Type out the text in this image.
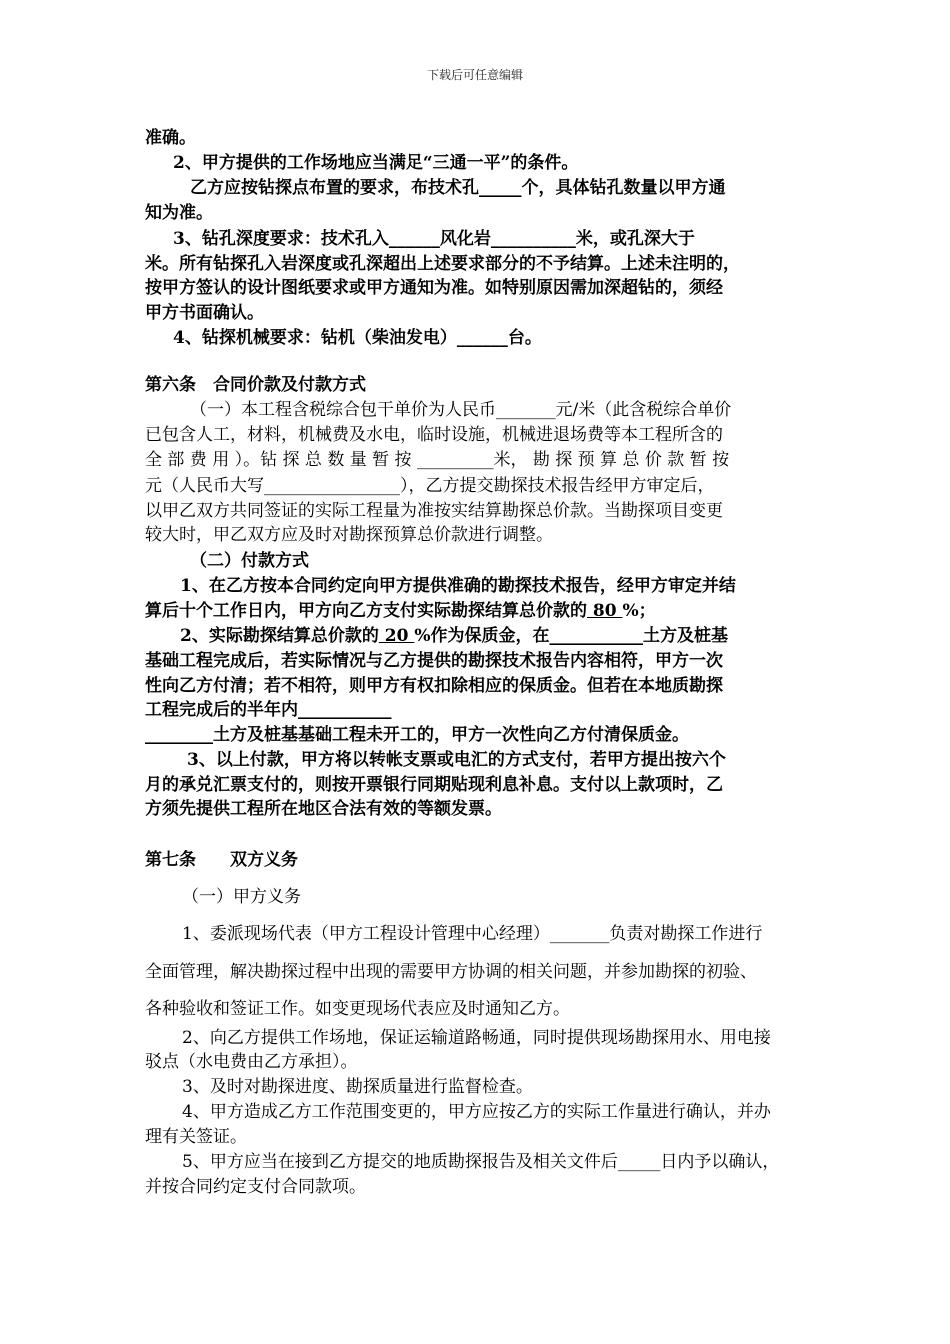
下载后可任意编辑
准确。
2、甲方提供的工作场地应当满足“三通一平”的条件。
乙方应按钻探点布置的要求，布技术孔_____个，具体钻孔数量以甲方通
知为准。
3、钻孔深度要求：技术孔入______风化岩__________米，或孔深大于
米。所有钻探孔入岩深度或孔深超出上述要求部分的不予结算。上述未注明的，
按甲方签认的设计图纸要求或甲方通知为准。如特别原因需加深超钻的，须经
甲方书面确认。
4、钻探机械要求：钻机（柴油发电）______台。
第六条　合同价款及付款方式
（一）本工程含税综合包干单价为人民币_______元/米（此含税综合单价
已包含人工，材料，机械费及水电，临时设施，机械进退场费等本工程所含的
全 部 费 用 ）。钻 探 总 数 量 暂 按 _________米， 勘 探 预 算 总 价 款 暂 按
元（人民币大写________________），乙方提交勘探技术报告经甲方审定后，
以甲乙双方共同签证的实际工程量为准按实结算勘探总价款。当勘探项目变更
较大时，甲乙双方应及时对勘探预算总价款进行调整。
（二）付款方式
1、在乙方按本合同约定向甲方提供准确的勘探技术报告，经甲方审定并结
算后十个工作日内，甲方向乙方支付实际勘探结算总价款的 80 %；
2、实际勘探结算总价款的 20 %作为保质金，在___________土方及桩基
基础工程完成后，若实际情况与乙方提供的勘探技术报告内容相符，甲方一次
性向乙方付清；若不相符，则甲方有权扣除相应的保质金。但若在本地质勘探
工程完成后的半年内___________
________土方及桩基基础工程未开工的，甲方一次性向乙方付清保质金。
3、以上付款，甲方将以转帐支票或电汇的方式支付，若甲方提出按六个
月的承兑汇票支付的，则按开票银行同期贴现利息补息。支付以上款项时，乙
方须先提供工程所在地区合法有效的等额发票。
第七条　　双方义务
（一）甲方义务
1、委派现场代表（甲方工程设计管理中心经理）_______负责对勘探工作进行
全面管理，解决勘探过程中出现的需要甲方协调的相关问题，并参加勘探的初验、
各种验收和签证工作。如变更现场代表应及时通知乙方。
2、向乙方提供工作场地，保证运输道路畅通，同时提供现场勘探用水、用电接
驳点（水电费由乙方承担）。
3、及时对勘探进度、勘探质量进行监督检查。
4、甲方造成乙方工作范围变更的，甲方应按乙方的实际工作量进行确认，并办
理有关签证。
5、甲方应当在接到乙方提交的地质勘探报告及相关文件后_____日内予以确认，
并按合同约定支付合同款项。
